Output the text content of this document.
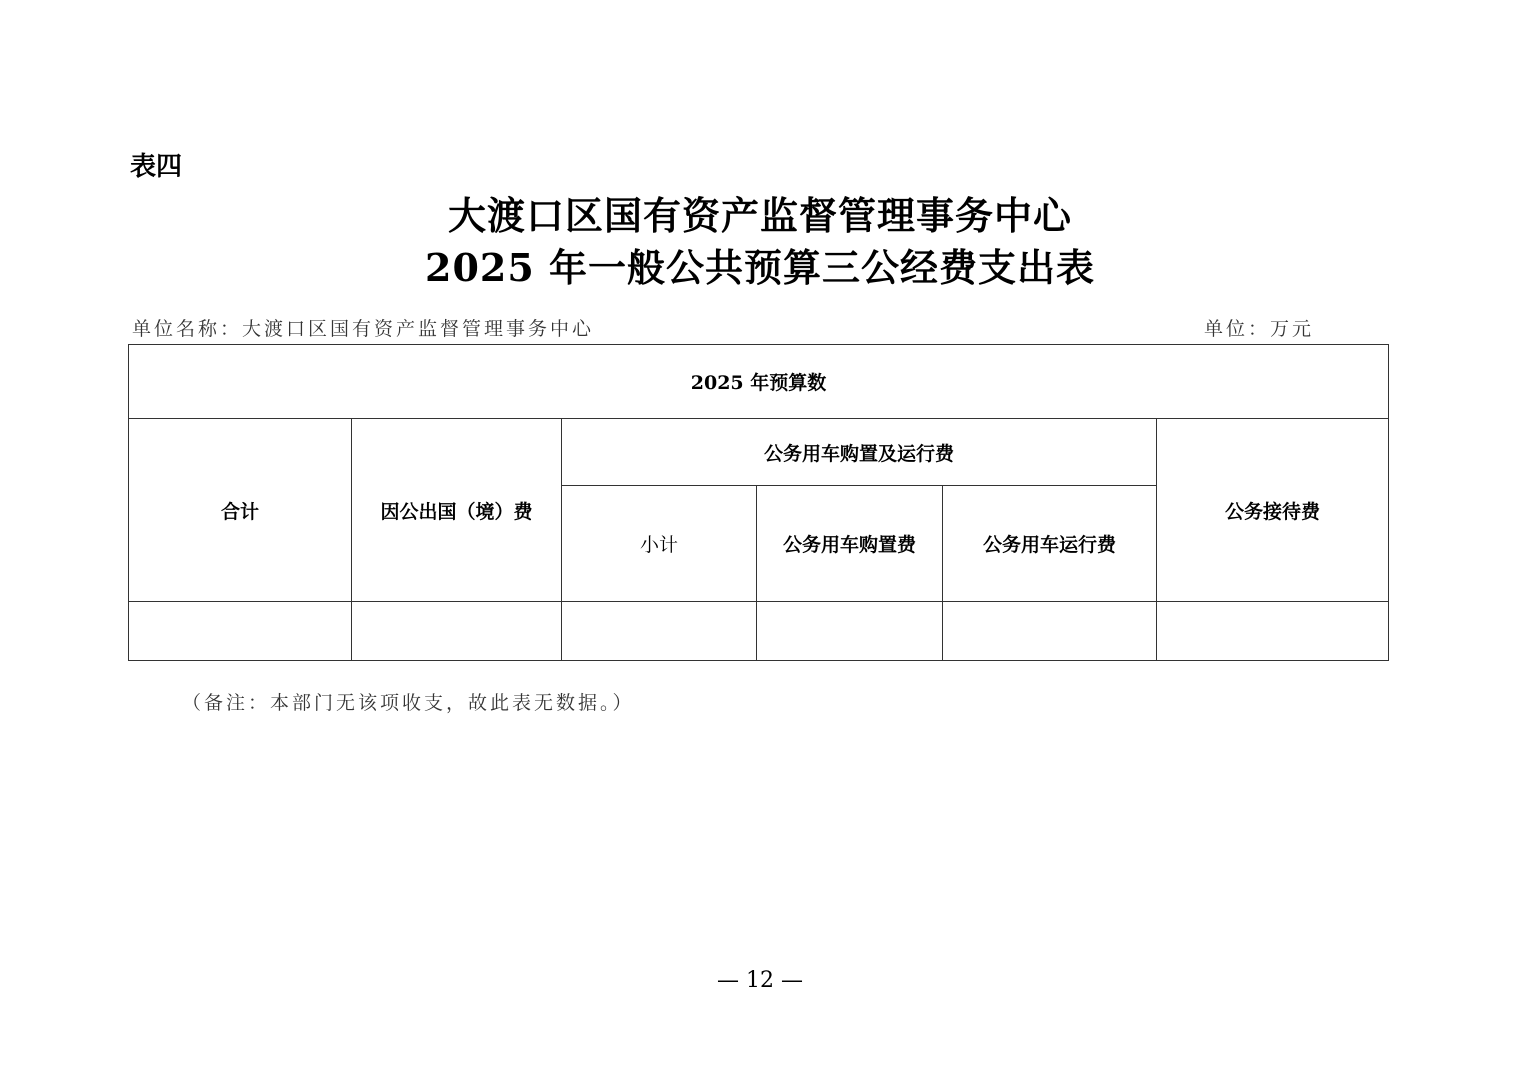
表四
大渡口区国有资产监督管理事务中心
2025 年一般公共预算三公经费支出表
单位名称：大渡口区国有资产监督管理事务中心	单位：万元
2025 年预算数					
合计	因公出国（境）费	公务用车购置及运行费			公务接待费
		小计	公务用车购置费	公务用车运行费	

（备注：本部门无该项收支，故此表无数据。）
— 12 —
